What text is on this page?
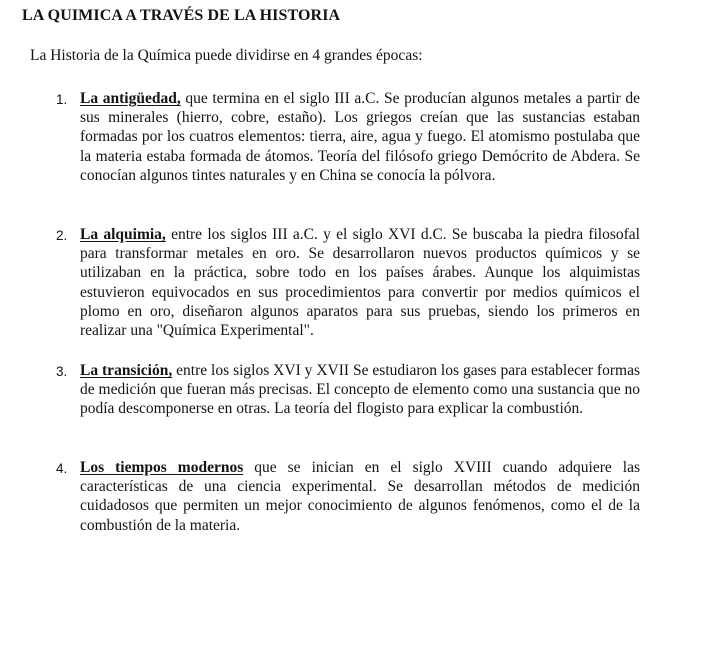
LA QUIMICA A TRAVÉS DE LA HISTORIA
La Historia de la Química puede dividirse en 4 grandes épocas:
1. La antigüedad, que termina en el siglo III a.C. Se producían algunos metales a partir de sus minerales (hierro, cobre, estaño). Los griegos creían que las sustancias estaban formadas por los cuatros elementos: tierra, aire, agua y fuego. El atomismo postulaba que la materia estaba formada de átomos. Teoría del filósofo griego Demócrito de Abdera. Se conocían algunos tintes naturales y en China se conocía la pólvora.
2. La alquimia, entre los siglos III a.C. y el siglo XVI d.C. Se buscaba la piedra filosofal para transformar metales en oro. Se desarrollaron nuevos productos químicos y se utilizaban en la práctica, sobre todo en los países árabes. Aunque los alquimistas estuvieron equivocados en sus procedimientos para convertir por medios químicos el plomo en oro, diseñaron algunos aparatos para sus pruebas, siendo los primeros en realizar una "Química Experimental".
3. La transición, entre los siglos XVI y XVII Se estudiaron los gases para establecer formas de medición que fueran más precisas. El concepto de elemento como una sustancia que no podía descomponerse en otras. La teoría del flogisto para explicar la combustión.
4. Los tiempos modernos que se inician en el siglo XVIII cuando adquiere las características de una ciencia experimental. Se desarrollan métodos de medición cuidadosos que permiten un mejor conocimiento de algunos fenómenos, como el de la combustión de la materia.
